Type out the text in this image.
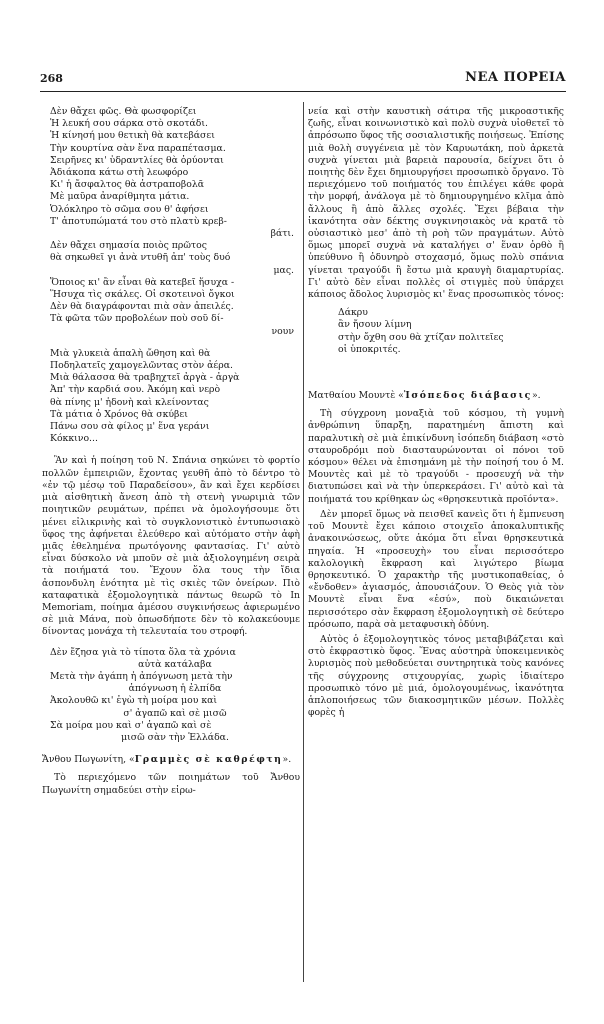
268	ΝΕΑ ΠΟΡΕΙΑ
Δὲν θἄχει φῶς. Θὰ φωσφορίζει
Ἡ λευκή σου σάρκα στὸ σκοτάδι.
Ἡ κίνησή μου θετικὴ θὰ κατεβάσει
Τὴν κουρτίνα σὰν ἕνα παραπέτασμα.
Σειρῆνες κι' ὑδραντλίες θὰ ὀρύονται
Ἀδιάκοπα κάτω στὴ λεωφόρο
Κι' ἡ ἄσφαλτος θὰ ἀστραποβολᾶ
Μὲ μαῦρα ἀναρίθμητα μάτια.
Ὁλόκληρο τὸ σῶμα σου θ' ἀφήσει
Τ' ἀποτυπώματά του στὸ πλατὺ κρεβ-
βάτι.
Δὲν θἄχει σημασία ποιὸς πρῶτος
θὰ σηκωθεῖ γι ἀνὰ ντυθῆ ἀπ' τοὺς δυό
μας.
Ὅποιος κι' ἂν εἶναι θὰ κατεβεῖ ἥσυχα -
Ἥσυχα τὶς σκάλες. Οἱ σκοτεινοὶ ὄγκοι
Δὲν θὰ διαγράφονται πιὰ σὰν ἀπειλές.
Τὰ φῶτα τῶν προβολέων ποὺ σοῦ δί-
νουν
Μιὰ γλυκειὰ ἁπαλὴ ὤθηση καὶ θὰ
Ποδηλατεῖς χαμογελῶντας στὸν ἀέρα.
Μιὰ θάλασσα θὰ τραβηχτεῖ ἀργὰ - ἀργὰ
Ἀπ' τὴν καρδιά σου. Ἀκόμη καὶ νερὸ
θὰ πίνης μ' ἡδονὴ καὶ κλείνοντας
Τὰ μάτια ὁ Χρόνος θὰ σκύβει
Πάνω σου σὰ φίλος μ' ἕνα γεράνι
Κόκκινο...

Ἂν καὶ ἡ ποίηση τοῦ Ν. Σπάνια σηκώνει τὸ φορτίο πολλῶν ἐμπειριῶν, ἔχοντας γευθῆ ἀπὸ τὸ δέντρο τὸ «ἐν τῷ μέσῳ τοῦ Παραδείσου», ἂν καὶ ἔχει κερδίσει μιὰ αἰσθητικὴ ἄνεση ἀπὸ τὴ στενὴ γνωριμιὰ τῶν ποιητικῶν ρευμάτων, πρέπει νὰ ὁμολογήσουμε ὅτι μένει εἰλικρινὴς καὶ τὸ συγκλονιστικὸ ἐντυπωσιακὸ ὕφος της ἀφήνεται ἐλεύθερο καὶ αὐτόματο στὴν ἀφὴ μιᾶς ἐθελημένα πρωτόγονης φαντασίας. Γι' αὐτὸ εἶναι δύσκολο νὰ μποῦν σὲ μιὰ ἀξιολογημένη σειρὰ τὰ ποιήματά του. Ἔχουν ὅλα τους τὴν ἴδια ἀσπονδυλη ἑνότητα μὲ τὶς σκιὲς τῶν ὀνείρων. Πιὸ καταφατικὰ ἐξομολογητικὰ πάντως θεωρῶ τὸ In Memoriam, ποίημα ἀμέσου συγκινήσεως ἀφιερωμένο σὲ μιὰ Μάνα, ποὺ ὁπωσδήποτε δὲν τὸ κολακεύουμε δίνοντας μονάχα τὴ τελευταία του στροφή.

Δὲν ἔζησα γιὰ τὸ τίποτα ὅλα τὰ χρόνια
αὐτὰ κατάλαβα
Μετὰ τὴν ἀγάπη ἡ ἀπόγνωση μετὰ τὴν
ἀπόγνωση ἡ ἐλπίδα
Ἀκολουθῶ κι' ἐγὼ τὴ μοίρα μου καὶ
σ' ἀγαπῶ καὶ σὲ μισῶ
Σὰ μοίρα μου καὶ σ' ἀγαπῶ καὶ σὲ
μισῶ σὰν τὴν Ἑλλάδα.
Ἄνθου Πωγωνίτη, «Γραμμὲς σὲ καθρέφτη».

Τὸ περιεχόμενο τῶν ποιημάτων τοῦ Ἄνθου Πωγωνίτη σημαδεύει στὴν εἰρω-

νεία καὶ στὴν καυστικὴ σάτιρα τῆς μικροαστικῆς ζωῆς, εἶναι κοινωνιστικὸ καὶ πολὺ συχνὰ υἱοθετεῖ τὸ ἀπρόσωπο ὕφος τῆς σοσιαλιστικῆς ποιήσεως. Ἐπίσης μιὰ θολὴ συγγένεια μὲ τὸν Καρυωτάκη, ποὺ ἀρκετὰ συχνὰ γίνεται μιὰ βαρειὰ παρουσία, δείχνει ὅτι ὁ ποιητὴς δὲν ἔχει δημιουργήσει προσωπικὸ ὄργανο. Τὸ περιεχόμενο τοῦ ποιήματός του ἐπιλέγει κάθε φορὰ τὴν μορφή, ἀνάλογα μὲ τὸ δημιουργημένο κλῖμα ἀπὸ ἄλλους ἢ ἀπὸ ἄλλες σχολές. Ἔχει βέβαια τὴν ἱκανότητα σὰν δέκτης συγκινησιακὸς νὰ κρατᾶ τὸ οὐσιαστικὸ μεσ' ἀπὸ τὴ ροὴ τῶν πραγμάτων. Αὐτὸ ὅμως μπορεῖ συχνὰ νὰ καταλήγει σ' ἕναν ὀρθὸ ἢ ὑπεύθυνο ἢ ὀδυνηρὸ στοχασμό, ὅμως πολὺ σπάνια γίνεται τραγούδι ἢ ἔστω μιὰ κραυγὴ διαμαρτυρίας. Γι' αὐτὸ δὲν εἶναι πολλὲς οἱ στιγμὲς ποὺ ὑπάρχει κάποιος ἄδολος λυρισμὸς κι' ἕνας προσωπικὸς τόνος:

Δάκρυ
ἂν ἤσουν λίμνη
στὴν ὄχθη σου θὰ χτίζαν πολιτεῖες
οἱ ὑποκριτές.
Ματθαίου Μουντὲ «Ἰσόπεδος διάβασις».

Τὴ σύγχρονη μοναξιὰ τοῦ κόσμου, τὴ γυμνὴ ἀνθρώπινη ὕπαρξη, παρατημένη ἄπιστη καὶ παραλυτικὴ σὲ μιὰ ἐπικίνδυνη ἰσόπεδη διάβαση «στὸ σταυροδρόμι ποὺ διασταυρώνονται οἱ πόνοι τοῦ κόσμου» θέλει νὰ ἐπισημάνη μὲ τὴν ποίησή του ὁ Μ. Μουντὲς καὶ μὲ τὸ τραγούδι - προσευχή νὰ τὴν διατυπώσει καὶ νὰ τὴν ὑπερκεράσει. Γι' αὐτὸ καὶ τὰ ποιήματά του κρίθηκαν ὡς «θρησκευτικὰ προϊόντα».

Δὲν μπορεῖ ὅμως νὰ πεισθεῖ κανεὶς ὅτι ἡ ἔμπνευση τοῦ Μουντὲ ἔχει κάποιο στοιχεῖο ἀποκαλυπτικῆς ἀνακοινώσεως, οὔτε ἀκόμα ὅτι εἶναι θρησκευτικὰ πηγαία. Ἡ «προσευχὴ» του εἶναι περισσότερο καλολογικὴ ἔκφραση καὶ λιγώτερο βίωμα θρησκευτικό. Ὁ χαρακτὴρ τῆς μυστικοπαθείας, ὁ «ἔνδοθεν» ἁγιασμός, ἀπουσιάζουν. Ὁ Θεὸς γιὰ τὸν Μουντὲ εἶναι ἕνα «ἐσύ», ποὺ δικαιώνεται περισσότερο σὰν ἔκφραση ἐξομολογητικὴ σὲ δεύτερο πρόσωπο, παρὰ σὰ μεταφυσικὴ ὀδύνη.

Αὐτὸς ὁ ἐξομολογητικὸς τόνος μεταβιβάζεται καὶ στὸ ἐκφραστικὸ ὕφος. Ἕνας αὐστηρὰ ὑποκειμενικὸς λυρισμὸς ποὺ μεθοδεύεται συντηρητικὰ τοὺς κανόνες τῆς σύγχρονης στιχουργίας, χωρὶς ἰδιαίτερο προσωπικὸ τόνο μὲ μιά, ὁμολογουμένως, ἱκανότητα ἁπλοποιήσεως τῶν διακοσμητικῶν μέσων. Πολλὲς φορὲς ἡ
